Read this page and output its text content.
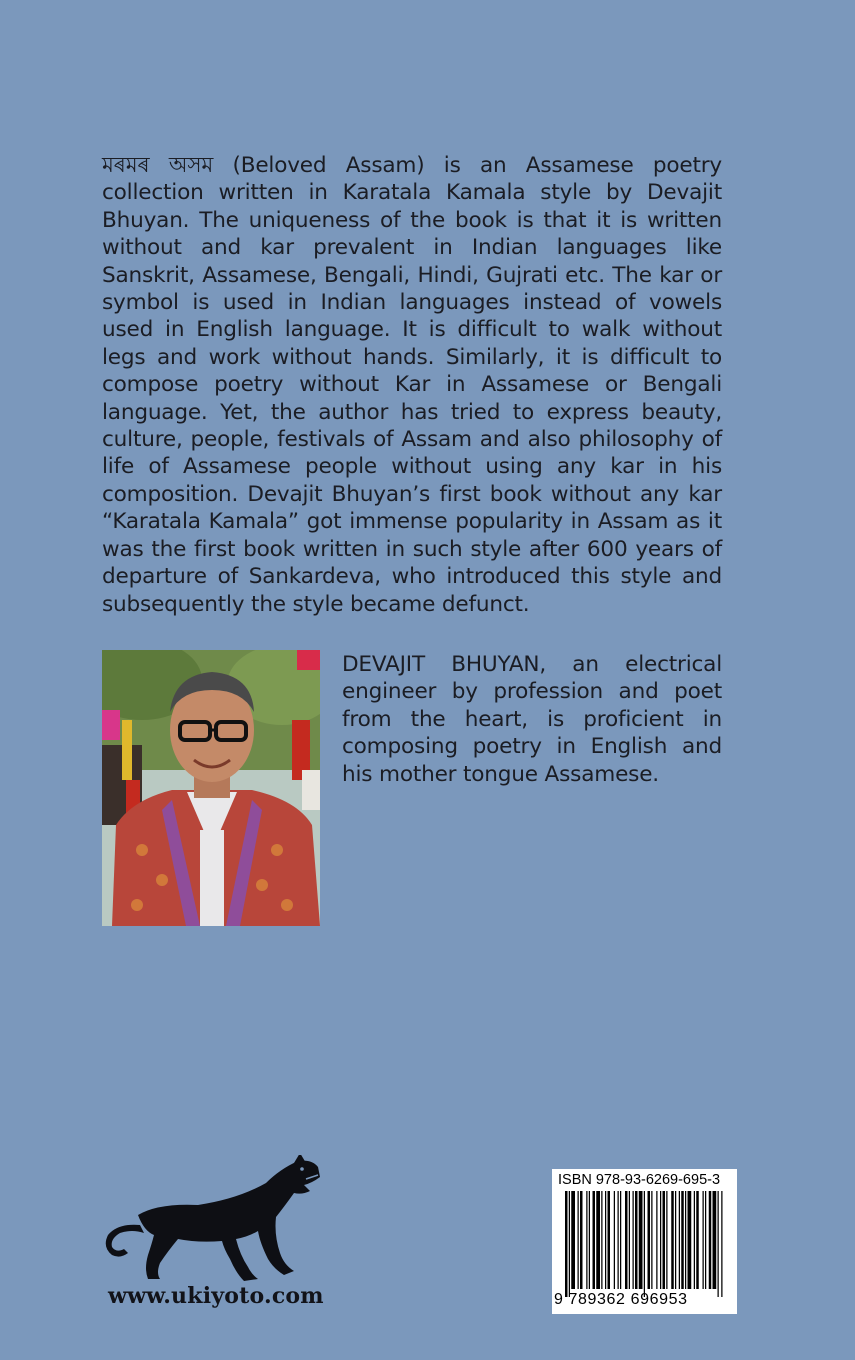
মৰমৰ অসম (Beloved Assam) is an Assamese poetry collection written in Karatala Kamala style by Devajit Bhuyan. The uniqueness of the book is that it is written without and kar prevalent in Indian languages like Sanskrit, Assamese, Bengali, Hindi, Gujrati etc. The kar or symbol is used in Indian languages instead of vowels used in English language. It is difficult to walk without legs and work without hands. Similarly, it is difficult to compose poetry without Kar in Assamese or Bengali language. Yet, the author has tried to express beauty, culture, people, festivals of Assam and also philosophy of life of Assamese people without using any kar in his composition. Devajit Bhuyan’s first book without any kar “Karatala Kamala” got immense popularity in Assam as it was the first book written in such style after 600 years of departure of Sankardeva, who introduced this style and subsequently the style became defunct.

DEVAJIT BHUYAN, an electrical engineer by profession and poet from the heart, is proficient in composing poetry in English and his mother tongue Assamese.

www.ukiyoto.com
ISBN 978-93-6269-695-3
9 789362 696953
